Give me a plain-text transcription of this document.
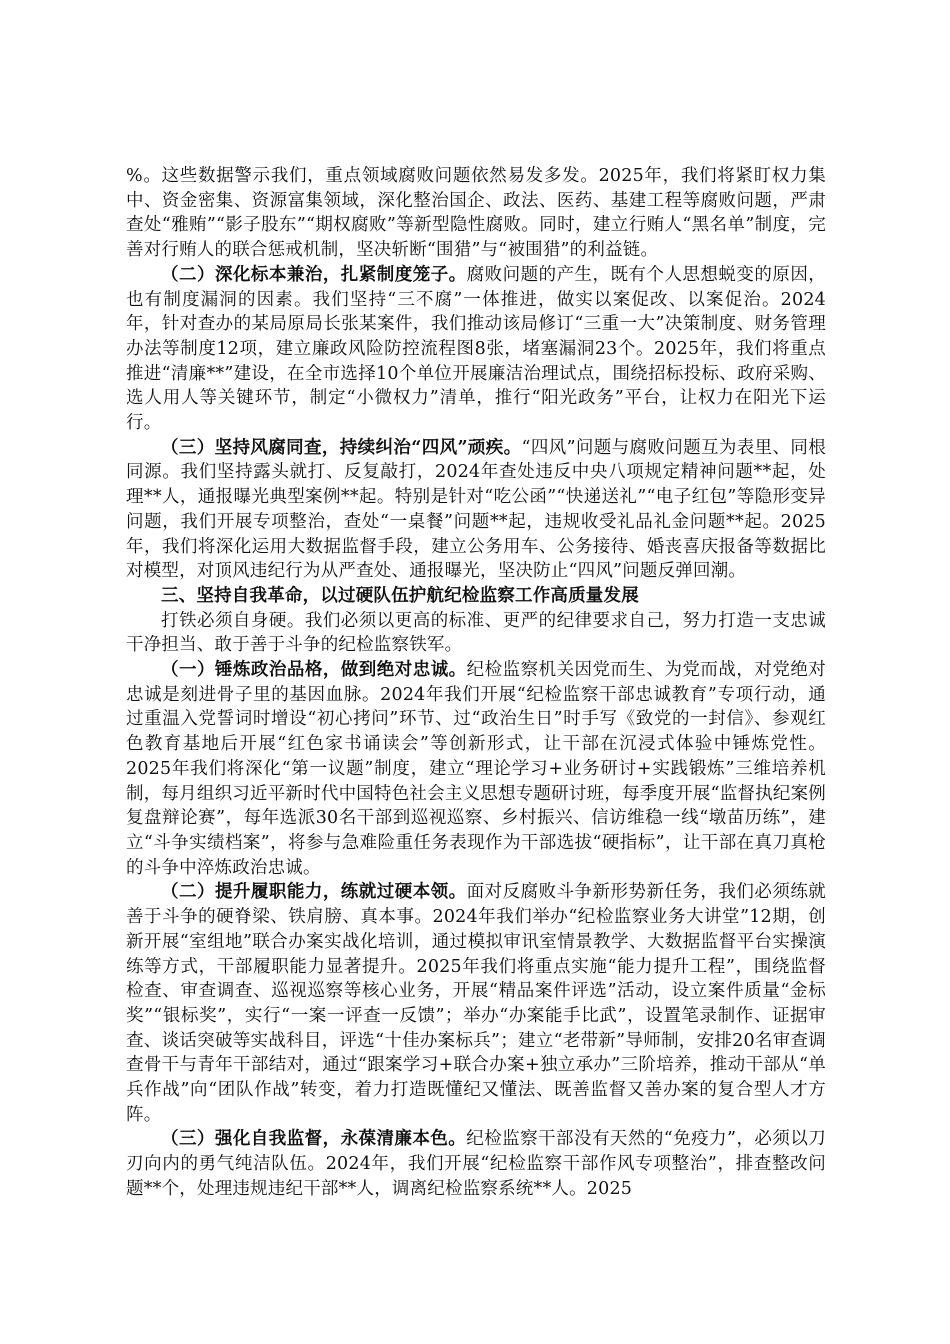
%。这些数据警示我们，重点领域腐败问题依然易发多发。2025年，我们将紧盯权力集中、资金密集、资源富集领域，深化整治国企、政法、医药、基建工程等腐败问题，严肃查处“雅贿”“影子股东”“期权腐败”等新型隐性腐败。同时，建立行贿人“黑名单”制度，完善对行贿人的联合惩戒机制，坚决斩断“围猎”与“被围猎”的利益链。

（二）深化标本兼治，扎紧制度笼子。腐败问题的产生，既有个人思想蜕变的原因，也有制度漏洞的因素。我们坚持“三不腐”一体推进，做实以案促改、以案促治。2024年，针对查办的某局原局长张某案件，我们推动该局修订“三重一大”决策制度、财务管理办法等制度12项，建立廉政风险防控流程图8张，堵塞漏洞23个。2025年，我们将重点推进“清廉**”建设，在全市选择10个单位开展廉洁治理试点，围绕招标投标、政府采购、选人用人等关键环节，制定“小微权力”清单，推行“阳光政务”平台，让权力在阳光下运行。

（三）坚持风腐同查，持续纠治“四风”顽疾。“四风”问题与腐败问题互为表里、同根同源。我们坚持露头就打、反复敲打，2024年查处违反中央八项规定精神问题**起，处理**人，通报曝光典型案例**起。特别是针对“吃公函”“快递送礼”“电子红包”等隐形变异问题，我们开展专项整治，查处“一桌餐”问题**起，违规收受礼品礼金问题**起。2025年，我们将深化运用大数据监督手段，建立公务用车、公务接待、婚丧喜庆报备等数据比对模型，对顶风违纪行为从严查处、通报曝光，坚决防止“四风”问题反弹回潮。

三、坚持自我革命，以过硬队伍护航纪检监察工作高质量发展

打铁必须自身硬。我们必须以更高的标准、更严的纪律要求自己，努力打造一支忠诚干净担当、敢于善于斗争的纪检监察铁军。

（一）锤炼政治品格，做到绝对忠诚。纪检监察机关因党而生、为党而战，对党绝对忠诚是刻进骨子里的基因血脉。2024年我们开展“纪检监察干部忠诚教育”专项行动，通过重温入党誓词时增设“初心拷问”环节、过“政治生日”时手写《致党的一封信》、参观红色教育基地后开展“红色家书诵读会”等创新形式，让干部在沉浸式体验中锤炼党性。2025年我们将深化“第一议题”制度，建立“理论学习+业务研讨+实践锻炼”三维培养机制，每月组织习近平新时代中国特色社会主义思想专题研讨班，每季度开展“监督执纪案例复盘辩论赛”，每年选派30名干部到巡视巡察、乡村振兴、信访维稳一线“墩苗历练”，建立“斗争实绩档案”，将参与急难险重任务表现作为干部选拔“硬指标”，让干部在真刀真枪的斗争中淬炼政治忠诚。

（二）提升履职能力，练就过硬本领。面对反腐败斗争新形势新任务，我们必须练就善于斗争的硬脊梁、铁肩膀、真本事。2024年我们举办“纪检监察业务大讲堂”12期，创新开展“室组地”联合办案实战化培训，通过模拟审讯室情景教学、大数据监督平台实操演练等方式，干部履职能力显著提升。2025年我们将重点实施“能力提升工程”，围绕监督检查、审查调查、巡视巡察等核心业务，开展“精品案件评选”活动，设立案件质量“金标奖”“银标奖”，实行“一案一评查一反馈”；举办“办案能手比武”，设置笔录制作、证据审查、谈话突破等实战科目，评选“十佳办案标兵”；建立“老带新”导师制，安排20名审查调查骨干与青年干部结对，通过“跟案学习+联合办案+独立承办”三阶培养，推动干部从“单兵作战”向“团队作战”转变，着力打造既懂纪又懂法、既善监督又善办案的复合型人才方阵。

（三）强化自我监督，永葆清廉本色。纪检监察干部没有天然的“免疫力”，必须以刀刃向内的勇气纯洁队伍。2024年，我们开展“纪检监察干部作风专项整治”，排查整改问题**个，处理违规违纪干部**人，调离纪检监察系统**人。2025
